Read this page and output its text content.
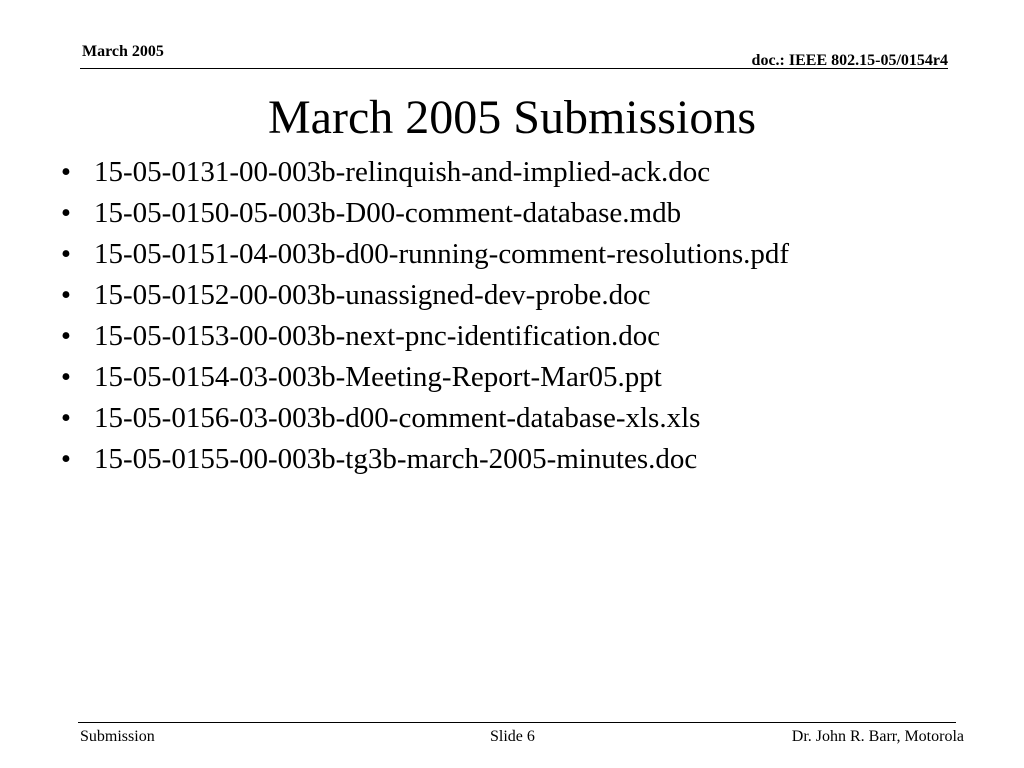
March 2005
doc.: IEEE 802.15-05/0154r4
March 2005 Submissions
• 15-05-0131-00-003b-relinquish-and-implied-ack.doc
• 15-05-0150-05-003b-D00-comment-database.mdb
• 15-05-0151-04-003b-d00-running-comment-resolutions.pdf
• 15-05-0152-00-003b-unassigned-dev-probe.doc
• 15-05-0153-00-003b-next-pnc-identification.doc
• 15-05-0154-03-003b-Meeting-Report-Mar05.ppt
• 15-05-0156-03-003b-d00-comment-database-xls.xls
• 15-05-0155-00-003b-tg3b-march-2005-minutes.doc
Submission	Slide 6	Dr. John R. Barr, Motorola
